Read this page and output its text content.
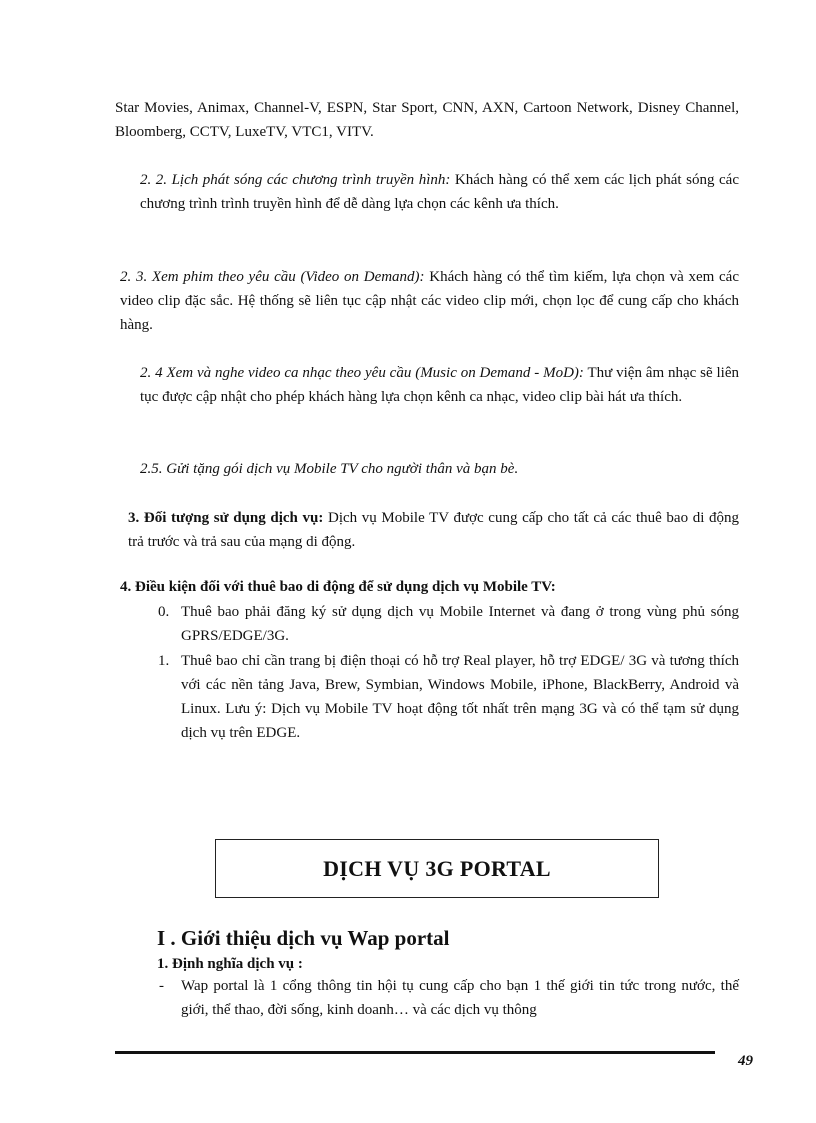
Star Movies, Animax, Channel-V, ESPN, Star Sport, CNN, AXN, Cartoon Network, Disney Channel, Bloomberg, CCTV, LuxeTV, VTC1, VITV.
2. 2. Lịch phát sóng các chương trình truyền hình: Khách hàng có thể xem các lịch phát sóng các chương trình trình truyền hình để dễ dàng lựa chọn các kênh ưa thích.
2. 3. Xem phim theo yêu cầu (Video on Demand): Khách hàng có thể tìm kiếm, lựa chọn và xem các video clip đặc sắc. Hệ thống sẽ liên tục cập nhật các video clip mới, chọn lọc để cung cấp cho khách hàng.
2. 4 Xem và nghe video ca nhạc theo yêu cầu (Music on Demand - MoD): Thư viện âm nhạc sẽ liên tục được cập nhật cho phép khách hàng lựa chọn kênh ca nhạc, video clip bài hát ưa thích.
2.5. Gửi tặng gói dịch vụ Mobile TV cho người thân và bạn bè.
3. Đối tượng sử dụng dịch vụ: Dịch vụ Mobile TV được cung cấp cho tất cả các thuê bao di động trả trước và trả sau của mạng di động.
4. Điều kiện đối với thuê bao di động để sử dụng dịch vụ Mobile TV:
0. Thuê bao phải đăng ký sử dụng dịch vụ Mobile Internet và đang ở trong vùng phủ sóng GPRS/EDGE/3G.
1. Thuê bao chỉ cần trang bị điện thoại có hỗ trợ Real player, hỗ trợ EDGE/ 3G và tương thích với các nền tảng Java, Brew, Symbian, Windows Mobile, iPhone, BlackBerry, Android và Linux. Lưu ý: Dịch vụ Mobile TV hoạt động tốt nhất trên mạng 3G và có thể tạm sử dụng dịch vụ trên EDGE.
DỊCH VỤ 3G PORTAL
I . Giới thiệu dịch vụ Wap portal
1. Định nghĩa dịch vụ :
- Wap portal là 1 cổng thông tin hội tụ cung cấp cho bạn 1 thế giới tin tức trong nước, thế giới, thể thao, đời sống, kinh doanh… và các dịch vụ thông
49
